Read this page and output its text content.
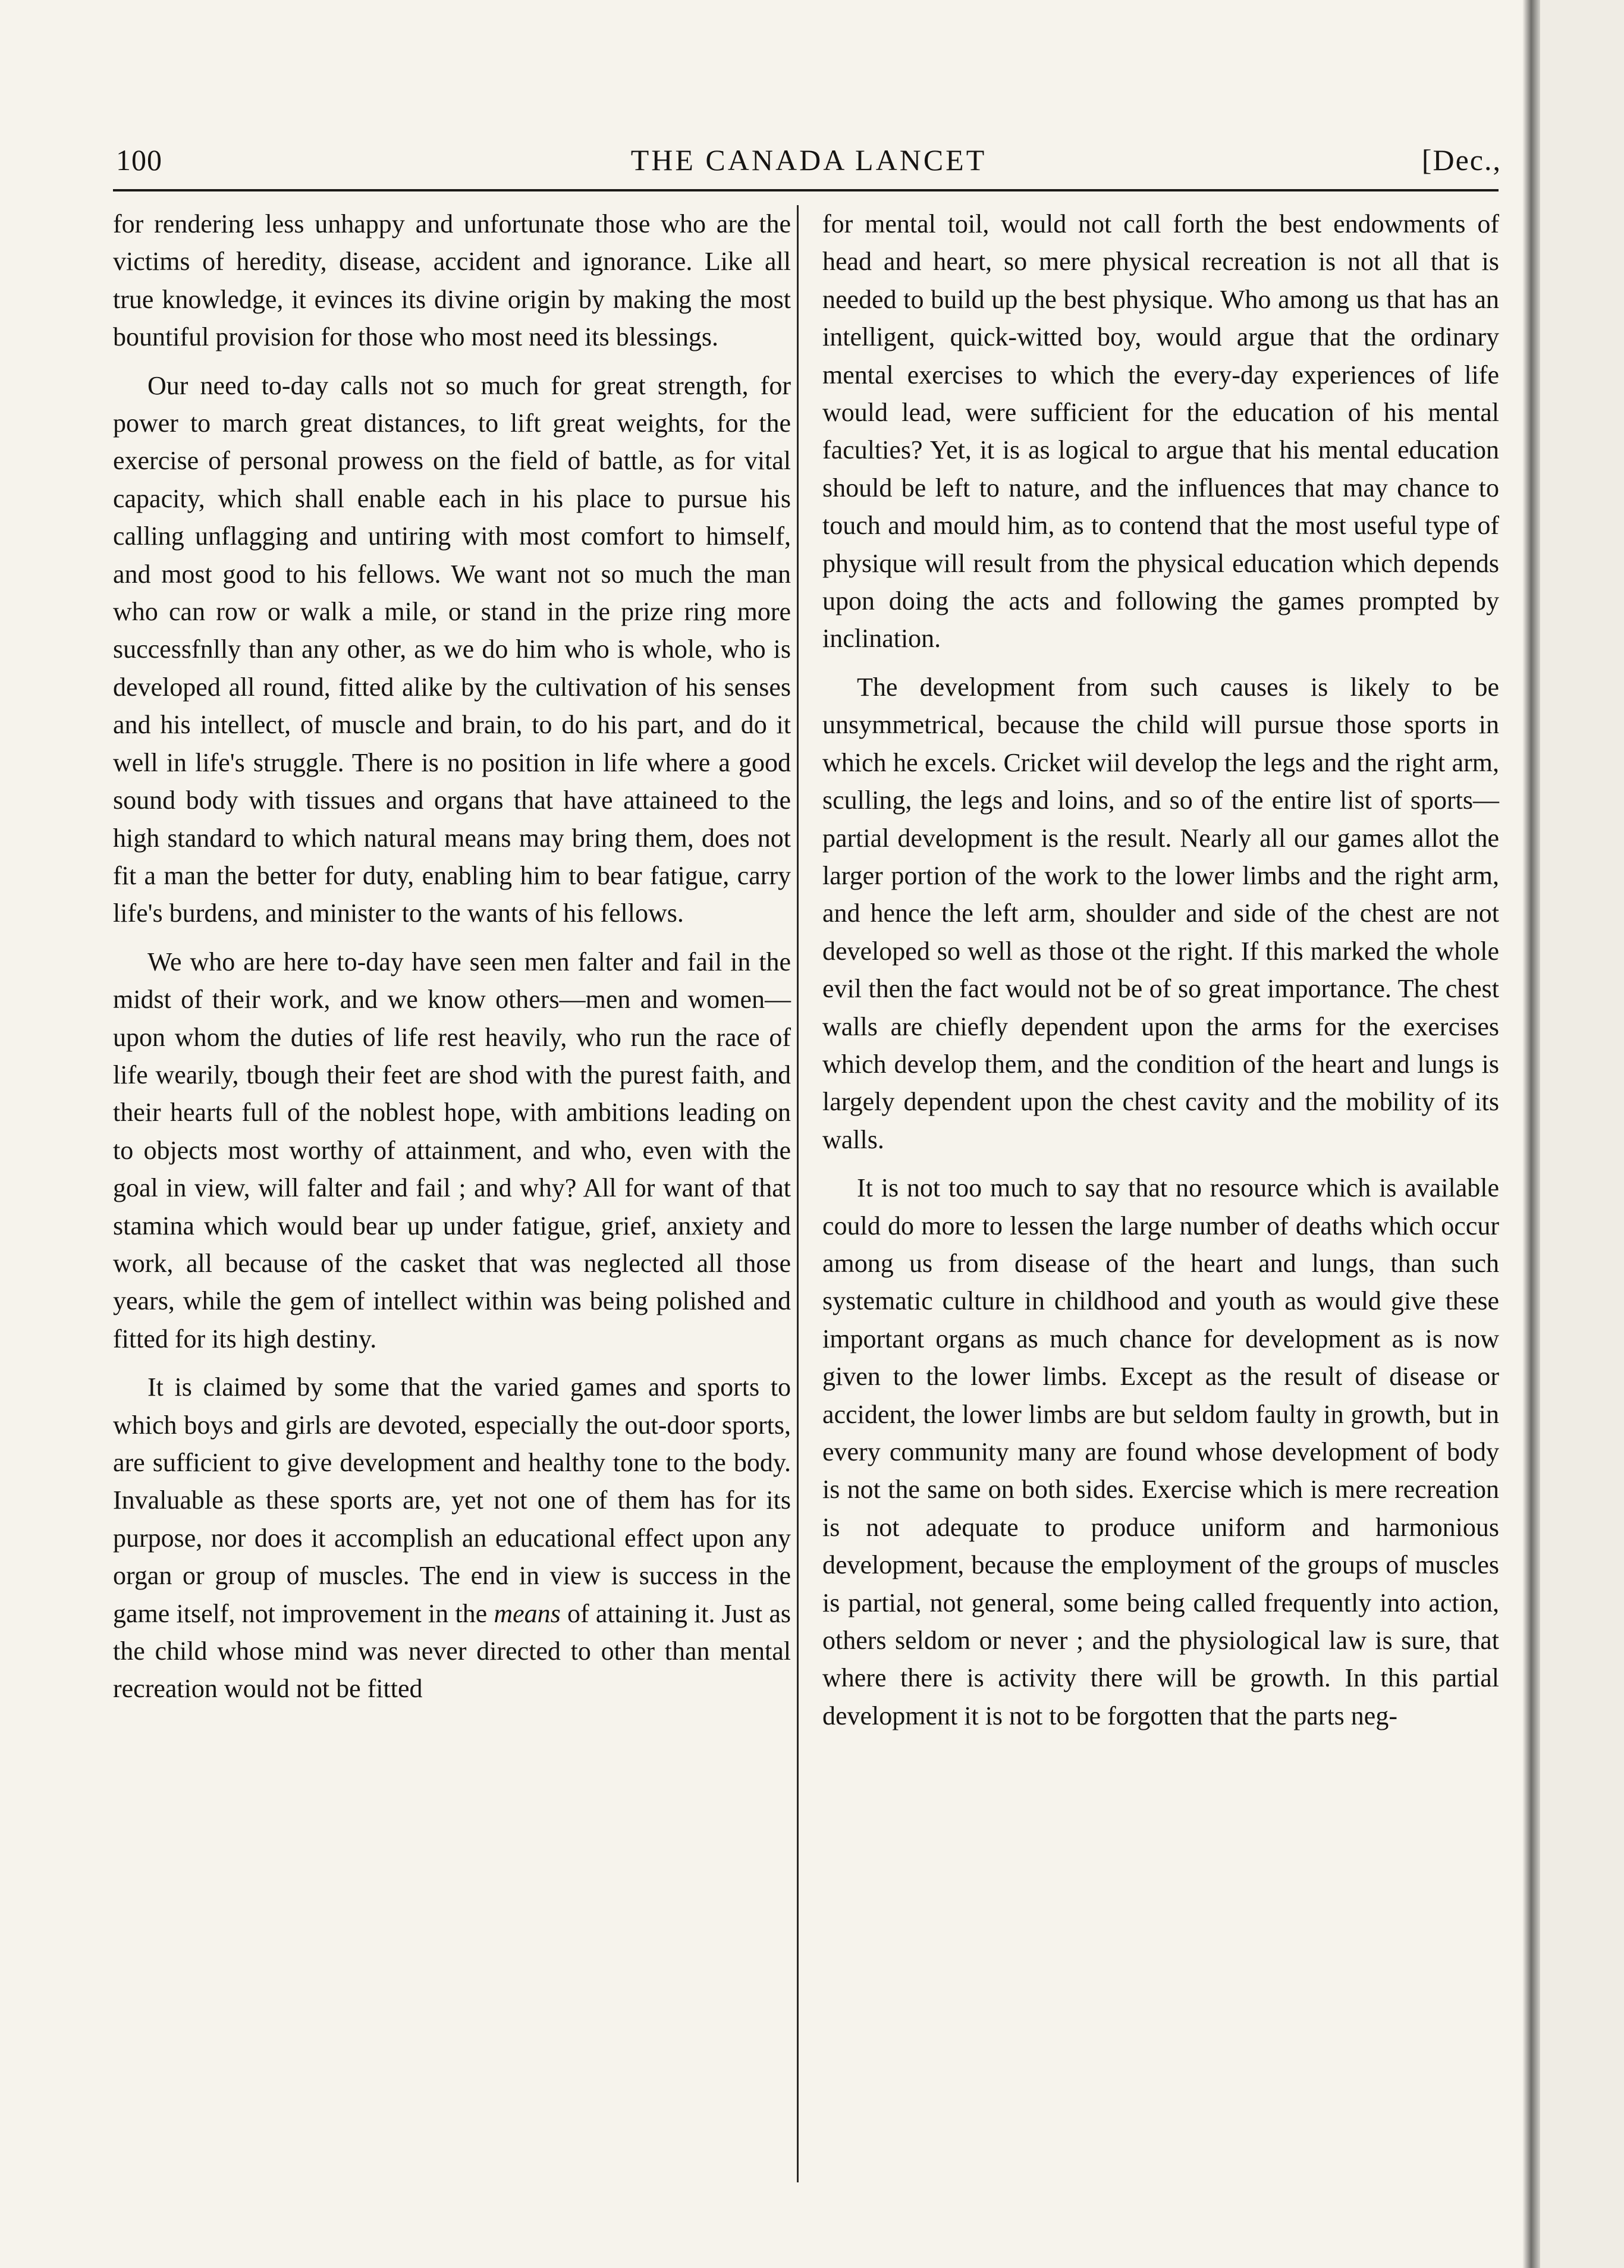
100	THE CANADA LANCET	[Dec.,

for rendering less unhappy and unfortunate those who are the victims of heredity, disease, accident and ignorance. Like all true knowledge, it evinces its divine origin by making the most bountiful provision for those who most need its blessings.

Our need to-day calls not so much for great strength, for power to march great distances, to lift great weights, for the exercise of personal prowess on the field of battle, as for vital capacity, which shall enable each in his place to pursue his calling unflagging and untiring with most comfort to himself, and most good to his fellows. We want not so much the man who can row or walk a mile, or stand in the prize ring more successfnlly than any other, as we do him who is whole, who is developed all round, fitted alike by the cultivation of his senses and his intellect, of muscle and brain, to do his part, and do it well in life's struggle. There is no position in life where a good sound body with tissues and organs that have attaineed to the high standard to which natural means may bring them, does not fit a man the better for duty, enabling him to bear fatigue, carry life's burdens, and minister to the wants of his fellows.

We who are here to-day have seen men falter and fail in the midst of their work, and we know others—men and women—upon whom the duties of life rest heavily, who run the race of life wearily, tbough their feet are shod with the purest faith, and their hearts full of the noblest hope, with ambitions leading on to objects most worthy of attainment, and who, even with the goal in view, will falter and fail ; and why? All for want of that stamina which would bear up under fatigue, grief, anxiety and work, all because of the casket that was neglected all those years, while the gem of intellect within was being polished and fitted for its high destiny.

It is claimed by some that the varied games and sports to which boys and girls are devoted, especially the out-door sports, are sufficient to give development and healthy tone to the body. Invaluable as these sports are, yet not one of them has for its purpose, nor does it accomplish an educational effect upon any organ or group of muscles. The end in view is success in the game itself, not improvement in the means of attaining it. Just as the child whose mind was never directed to other than mental recreation would not be fitted

for mental toil, would not call forth the best endowments of head and heart, so mere physical recreation is not all that is needed to build up the best physique. Who among us that has an intelligent, quick-witted boy, would argue that the ordinary mental exercises to which the every-day experiences of life would lead, were sufficient for the education of his mental faculties? Yet, it is as logical to argue that his mental education should be left to nature, and the influences that may chance to touch and mould him, as to contend that the most useful type of physique will result from the physical education which depends upon doing the acts and following the games prompted by inclination.

The development from such causes is likely to be unsymmetrical, because the child will pursue those sports in which he excels. Cricket wiil develop the legs and the right arm, sculling, the legs and loins, and so of the entire list of sports—partial development is the result. Nearly all our games allot the larger portion of the work to the lower limbs and the right arm, and hence the left arm, shoulder and side of the chest are not developed so well as those ot the right. If this marked the whole evil then the fact would not be of so great importance. The chest walls are chiefly dependent upon the arms for the exercises which develop them, and the condition of the heart and lungs is largely dependent upon the chest cavity and the mobility of its walls.

It is not too much to say that no resource which is available could do more to lessen the large number of deaths which occur among us from disease of the heart and lungs, than such systematic culture in childhood and youth as would give these important organs as much chance for development as is now given to the lower limbs. Except as the result of disease or accident, the lower limbs are but seldom faulty in growth, but in every community many are found whose development of body is not the same on both sides. Exercise which is mere recreation is not adequate to produce uniform and harmonious development, because the employment of the groups of muscles is partial, not general, some being called frequently into action, others seldom or never ; and the physiological law is sure, that where there is activity there will be growth. In this partial development it is not to be forgotten that the parts neg-
